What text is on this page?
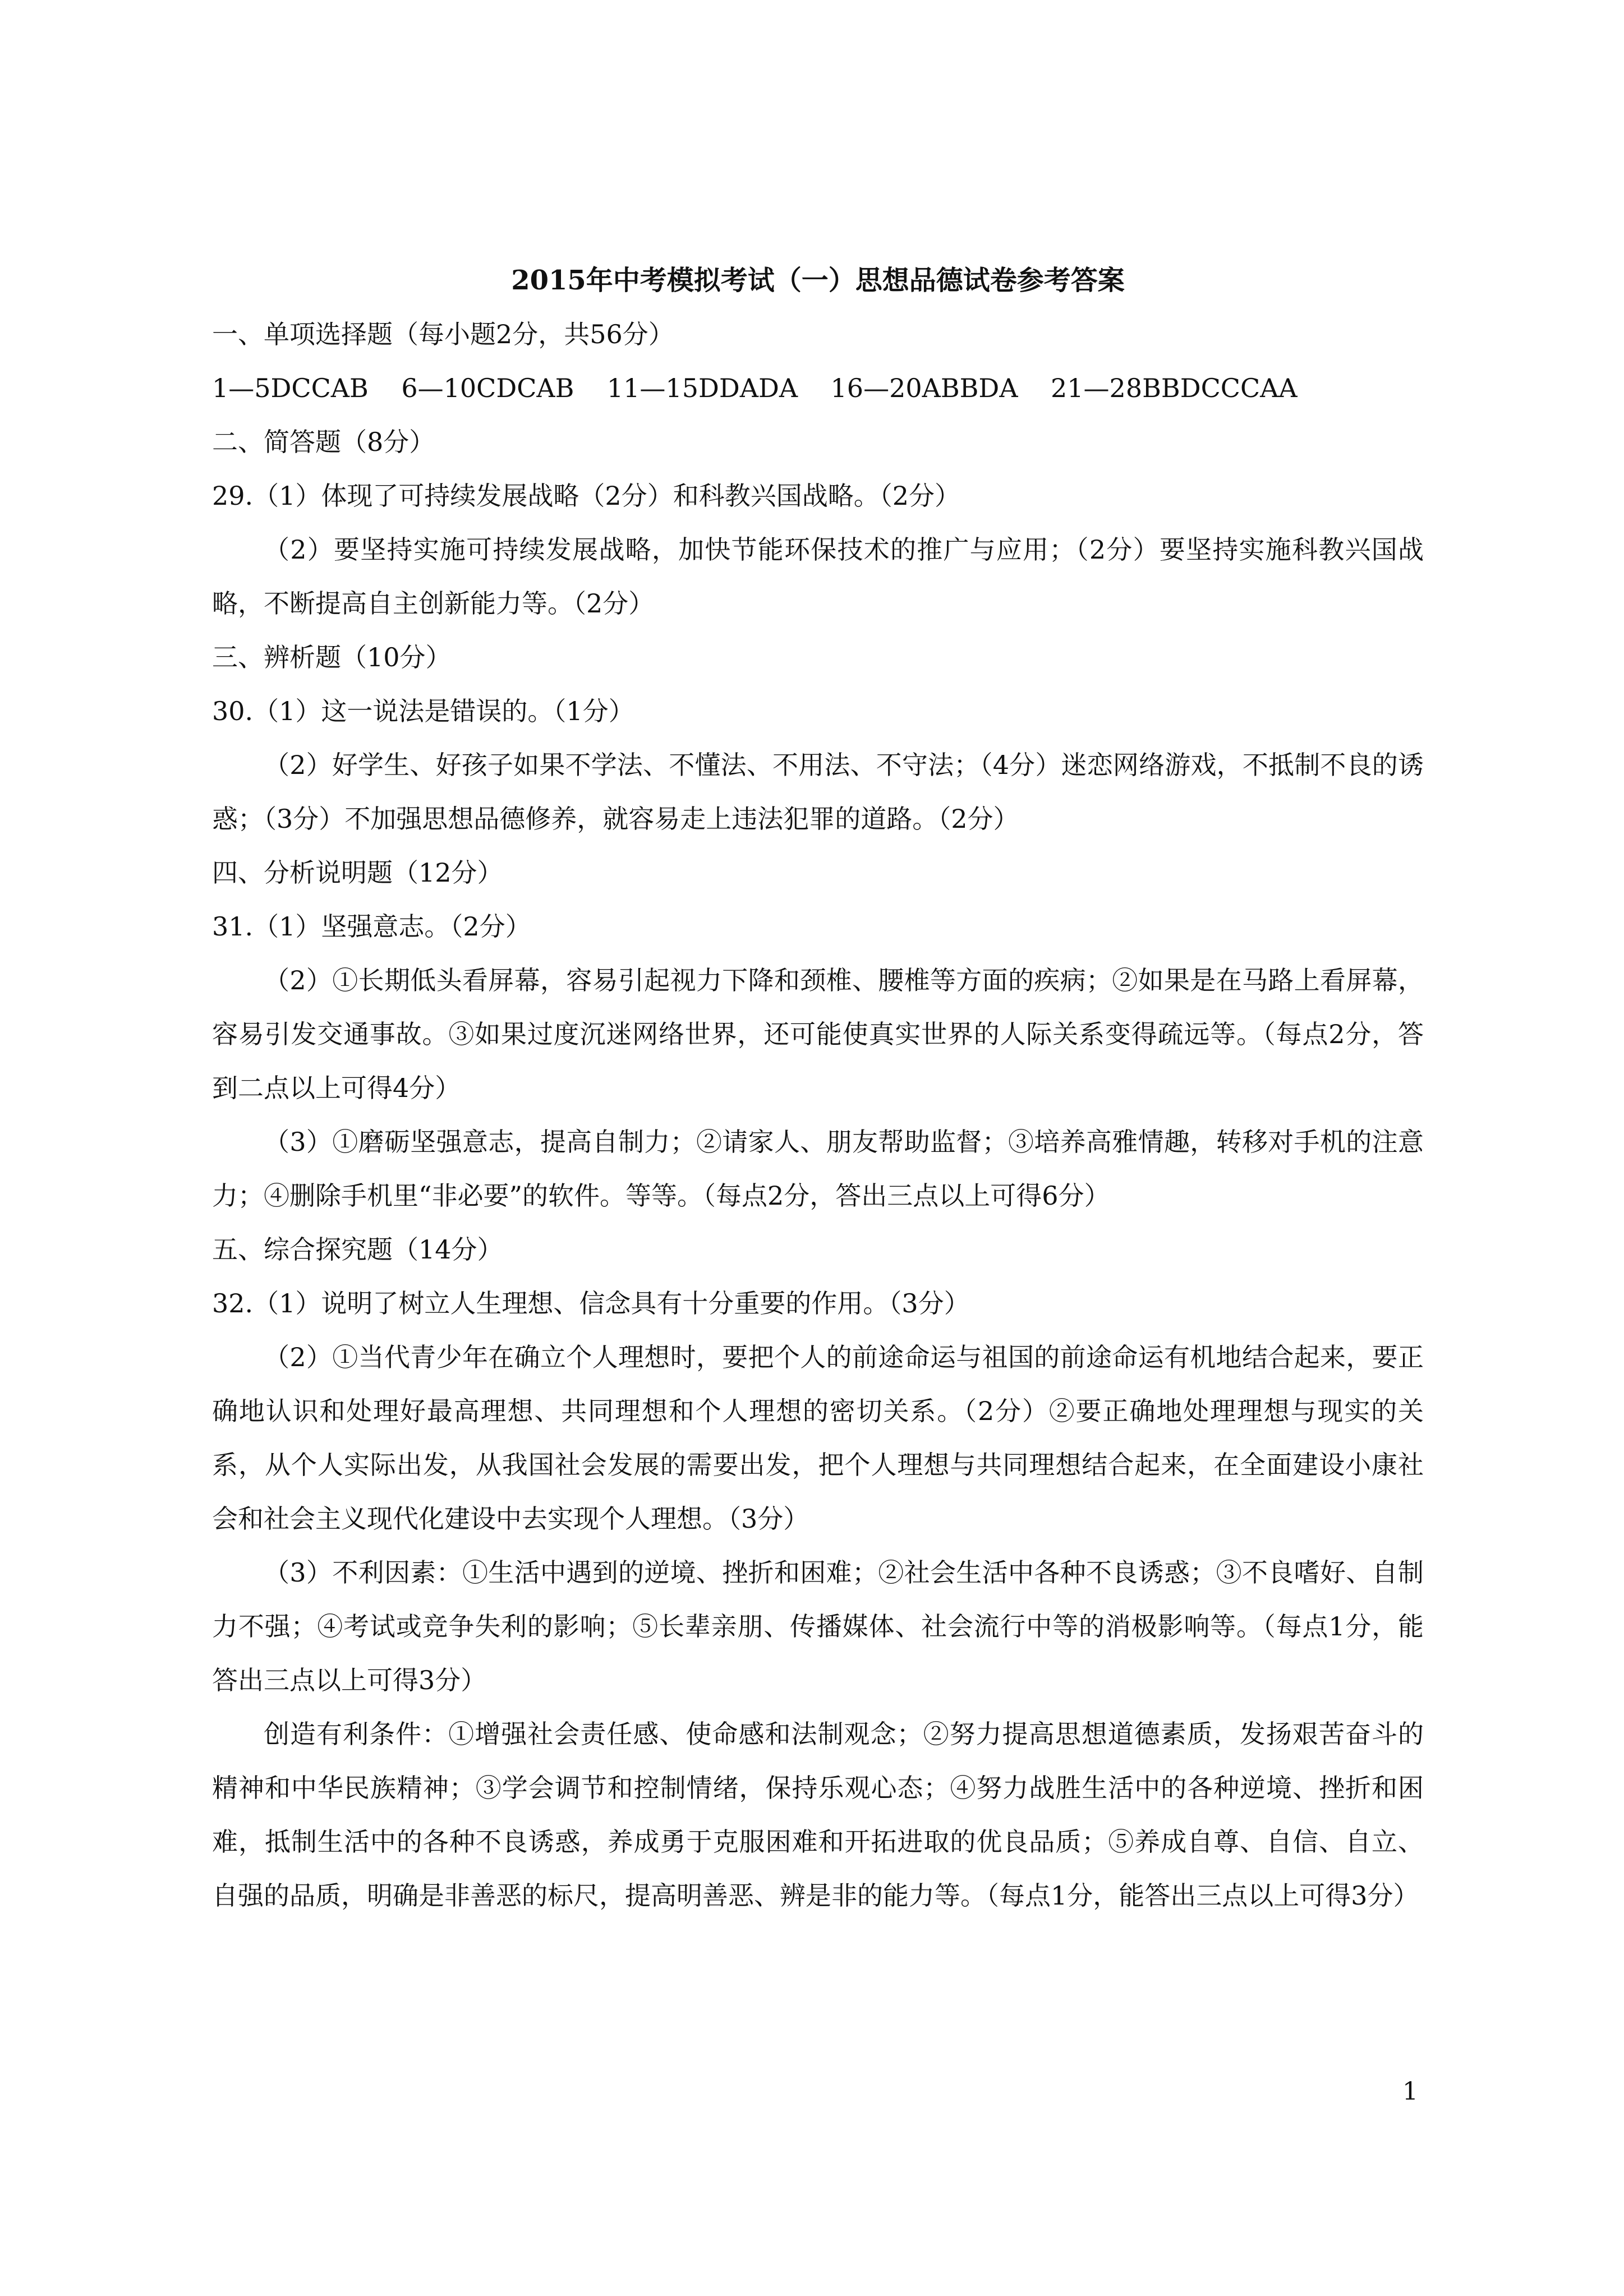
2015年中考模拟考试（一）思想品德试卷参考答案

一、单项选择题（每小题2分，共56分）

1—5DCCAB    6—10CDCAB    11—15DDADA    16—20ABBDA    21—28BBDCCCAA

二、简答题（8分）

29.（1）体现了可持续发展战略（2分）和科教兴国战略。（2分）

（2）要坚持实施可持续发展战略，加快节能环保技术的推广与应用；（2分）要坚持实施科教兴国战略，不断提高自主创新能力等。（2分）

三、辨析题（10分）

30.（1）这一说法是错误的。（1分）

（2）好学生、好孩子如果不学法、不懂法、不用法、不守法；（4分）迷恋网络游戏，不抵制不良的诱惑；（3分）不加强思想品德修养，就容易走上违法犯罪的道路。（2分）

四、分析说明题（12分）

31.（1）坚强意志。（2分）

（2）①长期低头看屏幕，容易引起视力下降和颈椎、腰椎等方面的疾病；②如果是在马路上看屏幕，容易引发交通事故。③如果过度沉迷网络世界，还可能使真实世界的人际关系变得疏远等。（每点2分，答到二点以上可得4分）

（3）①磨砺坚强意志，提高自制力；②请家人、朋友帮助监督；③培养高雅情趣，转移对手机的注意力；④删除手机里“非必要”的软件。等等。（每点2分，答出三点以上可得6分）

五、综合探究题（14分）

32.（1）说明了树立人生理想、信念具有十分重要的作用。（3分）

（2）①当代青少年在确立个人理想时，要把个人的前途命运与祖国的前途命运有机地结合起来，要正确地认识和处理好最高理想、共同理想和个人理想的密切关系。（2分）②要正确地处理理想与现实的关系，从个人实际出发，从我国社会发展的需要出发，把个人理想与共同理想结合起来，在全面建设小康社会和社会主义现代化建设中去实现个人理想。（3分）

（3）不利因素：①生活中遇到的逆境、挫折和困难；②社会生活中各种不良诱惑；③不良嗜好、自制力不强；④考试或竞争失利的影响；⑤长辈亲朋、传播媒体、社会流行中等的消极影响等。（每点1分，能答出三点以上可得3分）

创造有利条件：①增强社会责任感、使命感和法制观念；②努力提高思想道德素质，发扬艰苦奋斗的精神和中华民族精神；③学会调节和控制情绪，保持乐观心态；④努力战胜生活中的各种逆境、挫折和困难，抵制生活中的各种不良诱惑，养成勇于克服困难和开拓进取的优良品质；⑤养成自尊、自信、自立、自强的品质，明确是非善恶的标尺，提高明善恶、辨是非的能力等。（每点1分，能答出三点以上可得3分）

1
